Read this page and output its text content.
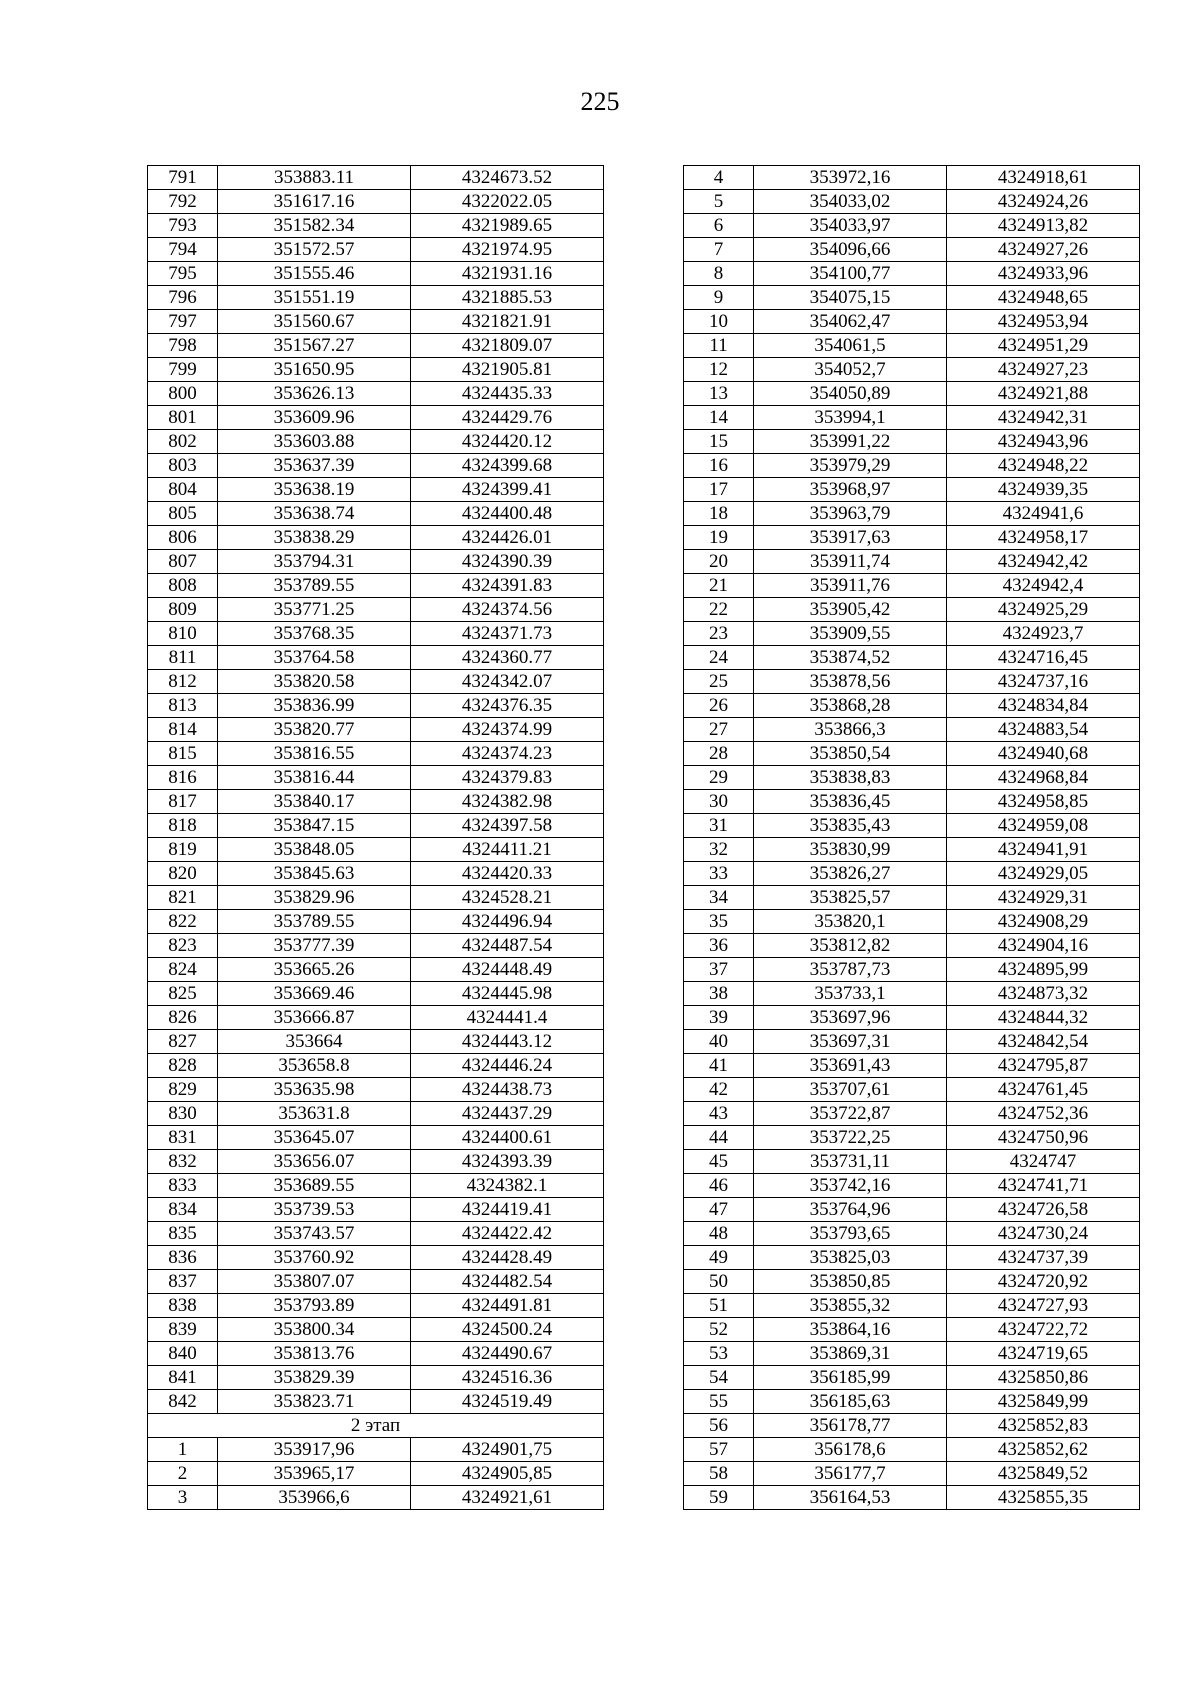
225
791	353883.11	4324673.52
792	351617.16	4322022.05
793	351582.34	4321989.65
794	351572.57	4321974.95
795	351555.46	4321931.16
796	351551.19	4321885.53
797	351560.67	4321821.91
798	351567.27	4321809.07
799	351650.95	4321905.81
800	353626.13	4324435.33
801	353609.96	4324429.76
802	353603.88	4324420.12
803	353637.39	4324399.68
804	353638.19	4324399.41
805	353638.74	4324400.48
806	353838.29	4324426.01
807	353794.31	4324390.39
808	353789.55	4324391.83
809	353771.25	4324374.56
810	353768.35	4324371.73
811	353764.58	4324360.77
812	353820.58	4324342.07
813	353836.99	4324376.35
814	353820.77	4324374.99
815	353816.55	4324374.23
816	353816.44	4324379.83
817	353840.17	4324382.98
818	353847.15	4324397.58
819	353848.05	4324411.21
820	353845.63	4324420.33
821	353829.96	4324528.21
822	353789.55	4324496.94
823	353777.39	4324487.54
824	353665.26	4324448.49
825	353669.46	4324445.98
826	353666.87	4324441.4
827	353664	4324443.12
828	353658.8	4324446.24
829	353635.98	4324438.73
830	353631.8	4324437.29
831	353645.07	4324400.61
832	353656.07	4324393.39
833	353689.55	4324382.1
834	353739.53	4324419.41
835	353743.57	4324422.42
836	353760.92	4324428.49
837	353807.07	4324482.54
838	353793.89	4324491.81
839	353800.34	4324500.24
840	353813.76	4324490.67
841	353829.39	4324516.36
842	353823.71	4324519.49
2 этап		
1	353917,96	4324901,75
2	353965,17	4324905,85
3	353966,6	4324921,61
4	353972,16	4324918,61
5	354033,02	4324924,26
6	354033,97	4324913,82
7	354096,66	4324927,26
8	354100,77	4324933,96
9	354075,15	4324948,65
10	354062,47	4324953,94
11	354061,5	4324951,29
12	354052,7	4324927,23
13	354050,89	4324921,88
14	353994,1	4324942,31
15	353991,22	4324943,96
16	353979,29	4324948,22
17	353968,97	4324939,35
18	353963,79	4324941,6
19	353917,63	4324958,17
20	353911,74	4324942,42
21	353911,76	4324942,4
22	353905,42	4324925,29
23	353909,55	4324923,7
24	353874,52	4324716,45
25	353878,56	4324737,16
26	353868,28	4324834,84
27	353866,3	4324883,54
28	353850,54	4324940,68
29	353838,83	4324968,84
30	353836,45	4324958,85
31	353835,43	4324959,08
32	353830,99	4324941,91
33	353826,27	4324929,05
34	353825,57	4324929,31
35	353820,1	4324908,29
36	353812,82	4324904,16
37	353787,73	4324895,99
38	353733,1	4324873,32
39	353697,96	4324844,32
40	353697,31	4324842,54
41	353691,43	4324795,87
42	353707,61	4324761,45
43	353722,87	4324752,36
44	353722,25	4324750,96
45	353731,11	4324747
46	353742,16	4324741,71
47	353764,96	4324726,58
48	353793,65	4324730,24
49	353825,03	4324737,39
50	353850,85	4324720,92
51	353855,32	4324727,93
52	353864,16	4324722,72
53	353869,31	4324719,65
54	356185,99	4325850,86
55	356185,63	4325849,99
56	356178,77	4325852,83
57	356178,6	4325852,62
58	356177,7	4325849,52
59	356164,53	4325855,35
